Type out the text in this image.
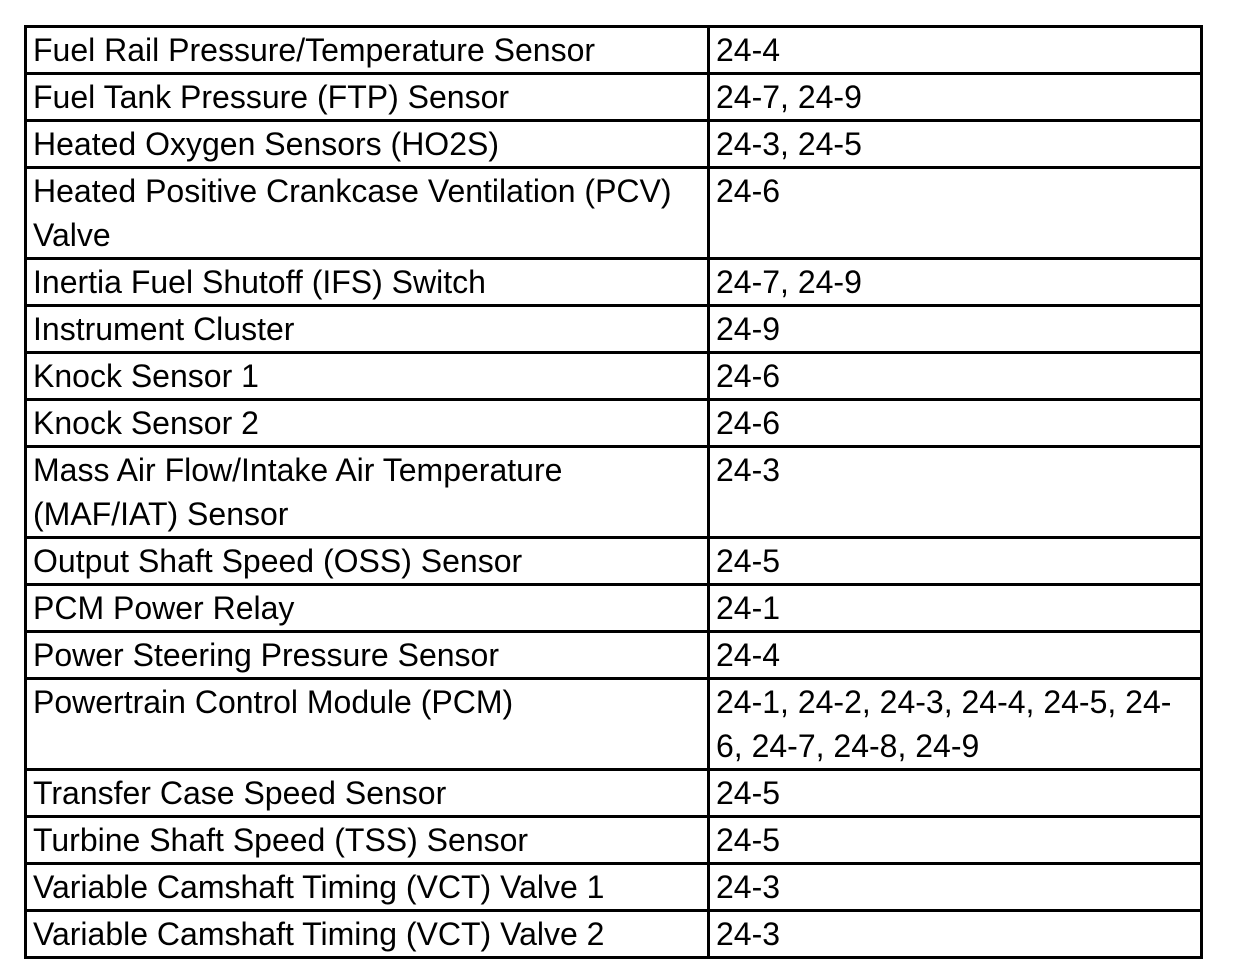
Fuel Rail Pressure/Temperature Sensor	24-4
Fuel Tank Pressure (FTP) Sensor	24-7, 24-9
Heated Oxygen Sensors (HO2S)	24-3, 24-5
Heated Positive Crankcase Ventilation (PCV) Valve	24-6
Inertia Fuel Shutoff (IFS) Switch	24-7, 24-9
Instrument Cluster	24-9
Knock Sensor 1	24-6
Knock Sensor 2	24-6
Mass Air Flow/Intake Air Temperature (MAF/IAT) Sensor	24-3
Output Shaft Speed (OSS) Sensor	24-5
PCM Power Relay	24-1
Power Steering Pressure Sensor	24-4
Powertrain Control Module (PCM)	24-1, 24-2, 24-3, 24-4, 24-5, 24-6, 24-7, 24-8, 24-9
Transfer Case Speed Sensor	24-5
Turbine Shaft Speed (TSS) Sensor	24-5
Variable Camshaft Timing (VCT) Valve 1	24-3
Variable Camshaft Timing (VCT) Valve 2	24-3
